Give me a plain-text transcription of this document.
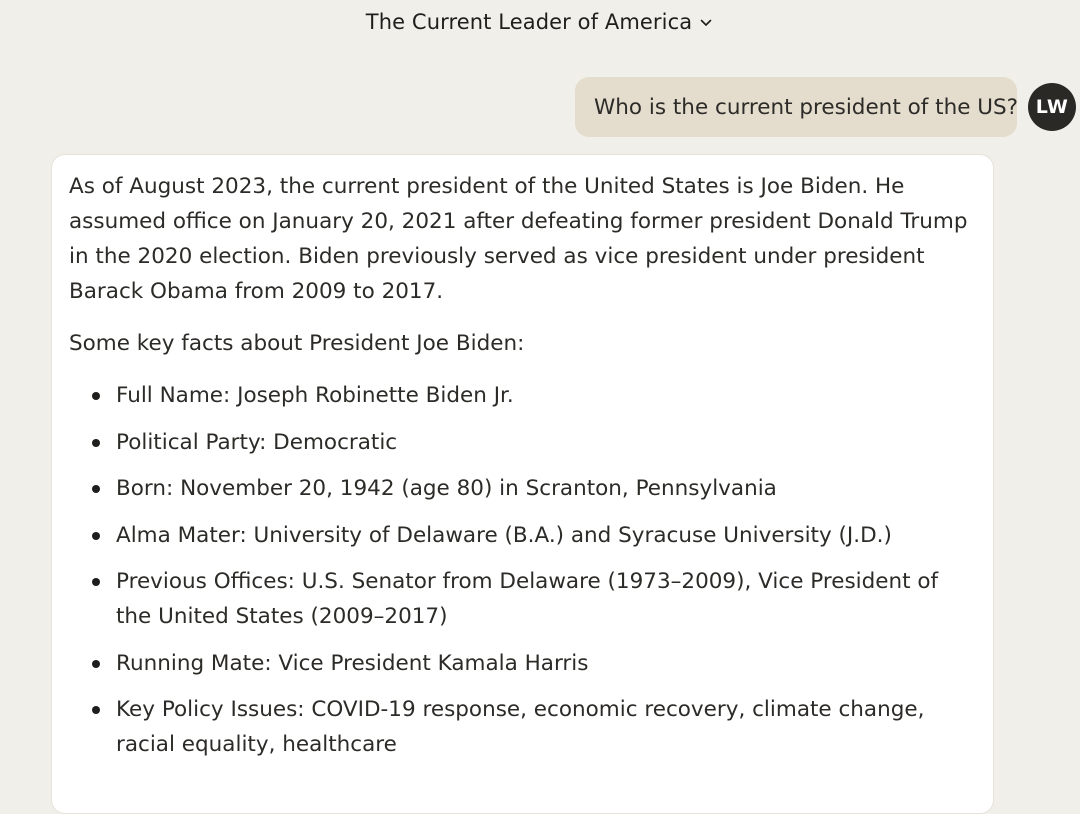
The Current Leader of America
Who is the current president of the US? LW

As of August 2023, the current president of the United States is Joe Biden. He assumed office on January 20, 2021 after defeating former president Donald Trump in the 2020 election. Biden previously served as vice president under president Barack Obama from 2009 to 2017.

Some key facts about President Joe Biden:

Full Name: Joseph Robinette Biden Jr.
Political Party: Democratic
Born: November 20, 1942 (age 80) in Scranton, Pennsylvania
Alma Mater: University of Delaware (B.A.) and Syracuse University (J.D.)
Previous Offices: U.S. Senator from Delaware (1973–2009), Vice President of the United States (2009–2017)
Running Mate: Vice President Kamala Harris
Key Policy Issues: COVID-19 response, economic recovery, climate change, racial equality, healthcare
